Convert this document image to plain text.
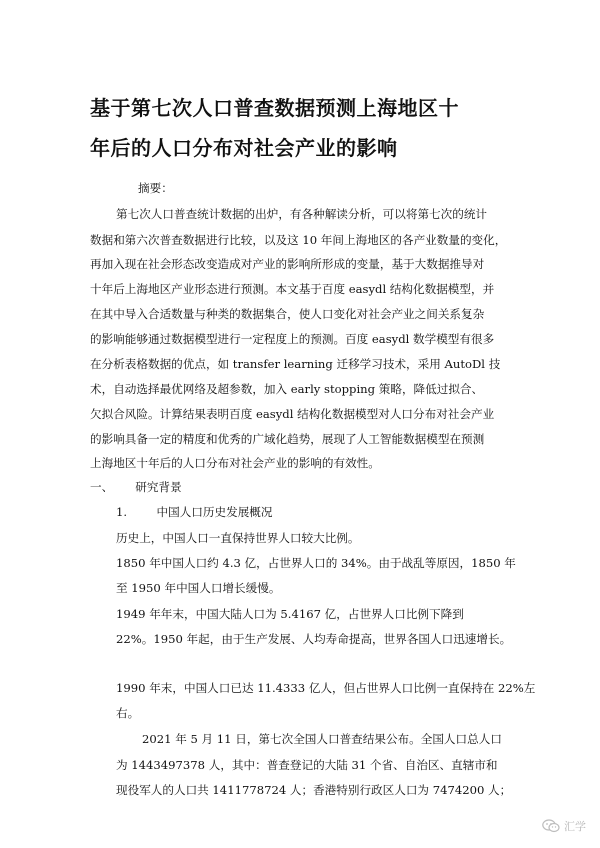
基于第七次人口普查数据预测上海地区十
年后的人口分布对社会产业的影响
摘要：
第七次人口普查统计数据的出炉，有各种解读分析，可以将第七次的统计
数据和第六次普查数据进行比较，以及这 10 年间上海地区的各产业数量的变化，
再加入现在社会形态改变造成对产业的影响所形成的变量，基于大数据推导对
十年后上海地区产业形态进行预测。本文基于百度 easydl 结构化数据模型，并
在其中导入合适数量与种类的数据集合，使人口变化对社会产业之间关系复杂
的影响能够通过数据模型进行一定程度上的预测。百度 easydl 数学模型有很多
在分析表格数据的优点，如 transfer learning 迁移学习技术，采用 AutoDl 技
术，自动选择最优网络及超参数，加入 early stopping 策略，降低过拟合、
欠拟合风险。计算结果表明百度 easydl 结构化数据模型对人口分布对社会产业
的影响具备一定的精度和优秀的广域化趋势，展现了人工智能数据模型在预测
上海地区十年后的人口分布对社会产业的影响的有效性。
一、      研究背景
1.        中国人口历史发展概况
历史上，中国人口一直保持世界人口较大比例。
1850 年中国人口约 4.3 亿，占世界人口的 34%。由于战乱等原因，1850 年
至 1950 年中国人口增长缓慢。
1949 年年末，中国大陆人口为 5.4167 亿，占世界人口比例下降到
22%。1950 年起，由于生产发展、人均寿命提高，世界各国人口迅速增长。
1990 年末，中国人口已达 11.4333 亿人，但占世界人口比例一直保持在 22%左
右。
2021 年 5 月 11 日，第七次全国人口普查结果公布。全国人口总人口
为 1443497378 人，其中：普查登记的大陆 31 个省、自治区、直辖市和
现役军人的人口共 1411778724 人；香港特别行政区人口为 7474200 人；
汇学
